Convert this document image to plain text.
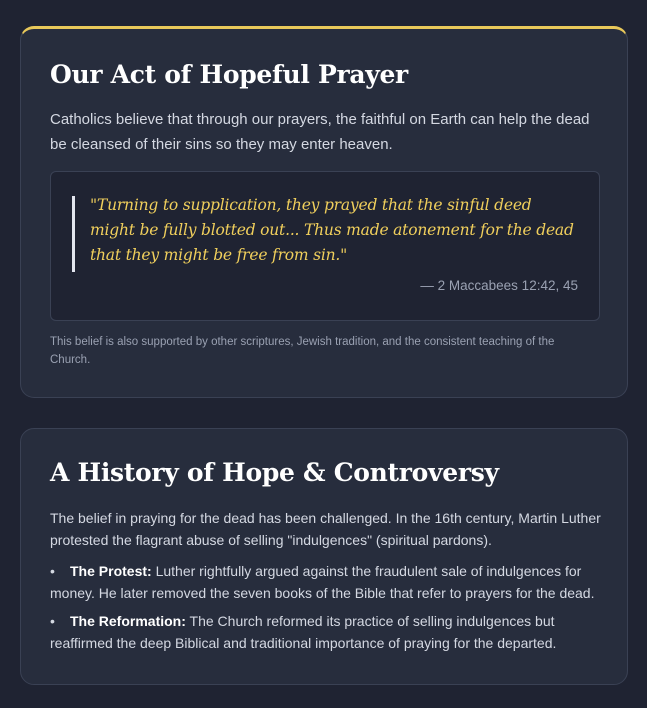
Our Act of Hopeful Prayer

Catholics believe that through our prayers, the faithful on Earth can help the dead be cleansed of their sins so they may enter heaven.

"Turning to supplication, they prayed that the sinful deed might be fully blotted out... Thus made atonement for the dead that they might be free from sin."
— 2 Maccabees 12:42, 45

This belief is also supported by other scriptures, Jewish tradition, and the consistent teaching of the Church.

A History of Hope & Controversy

The belief in praying for the dead has been challenged. In the 16th century, Martin Luther protested the flagrant abuse of selling "indulgences" (spiritual pardons).

• The Protest: Luther rightfully argued against the fraudulent sale of indulgences for money. He later removed the seven books of the Bible that refer to prayers for the dead.
• The Reformation: The Church reformed its practice of selling indulgences but reaffirmed the deep Biblical and traditional importance of praying for the departed.
